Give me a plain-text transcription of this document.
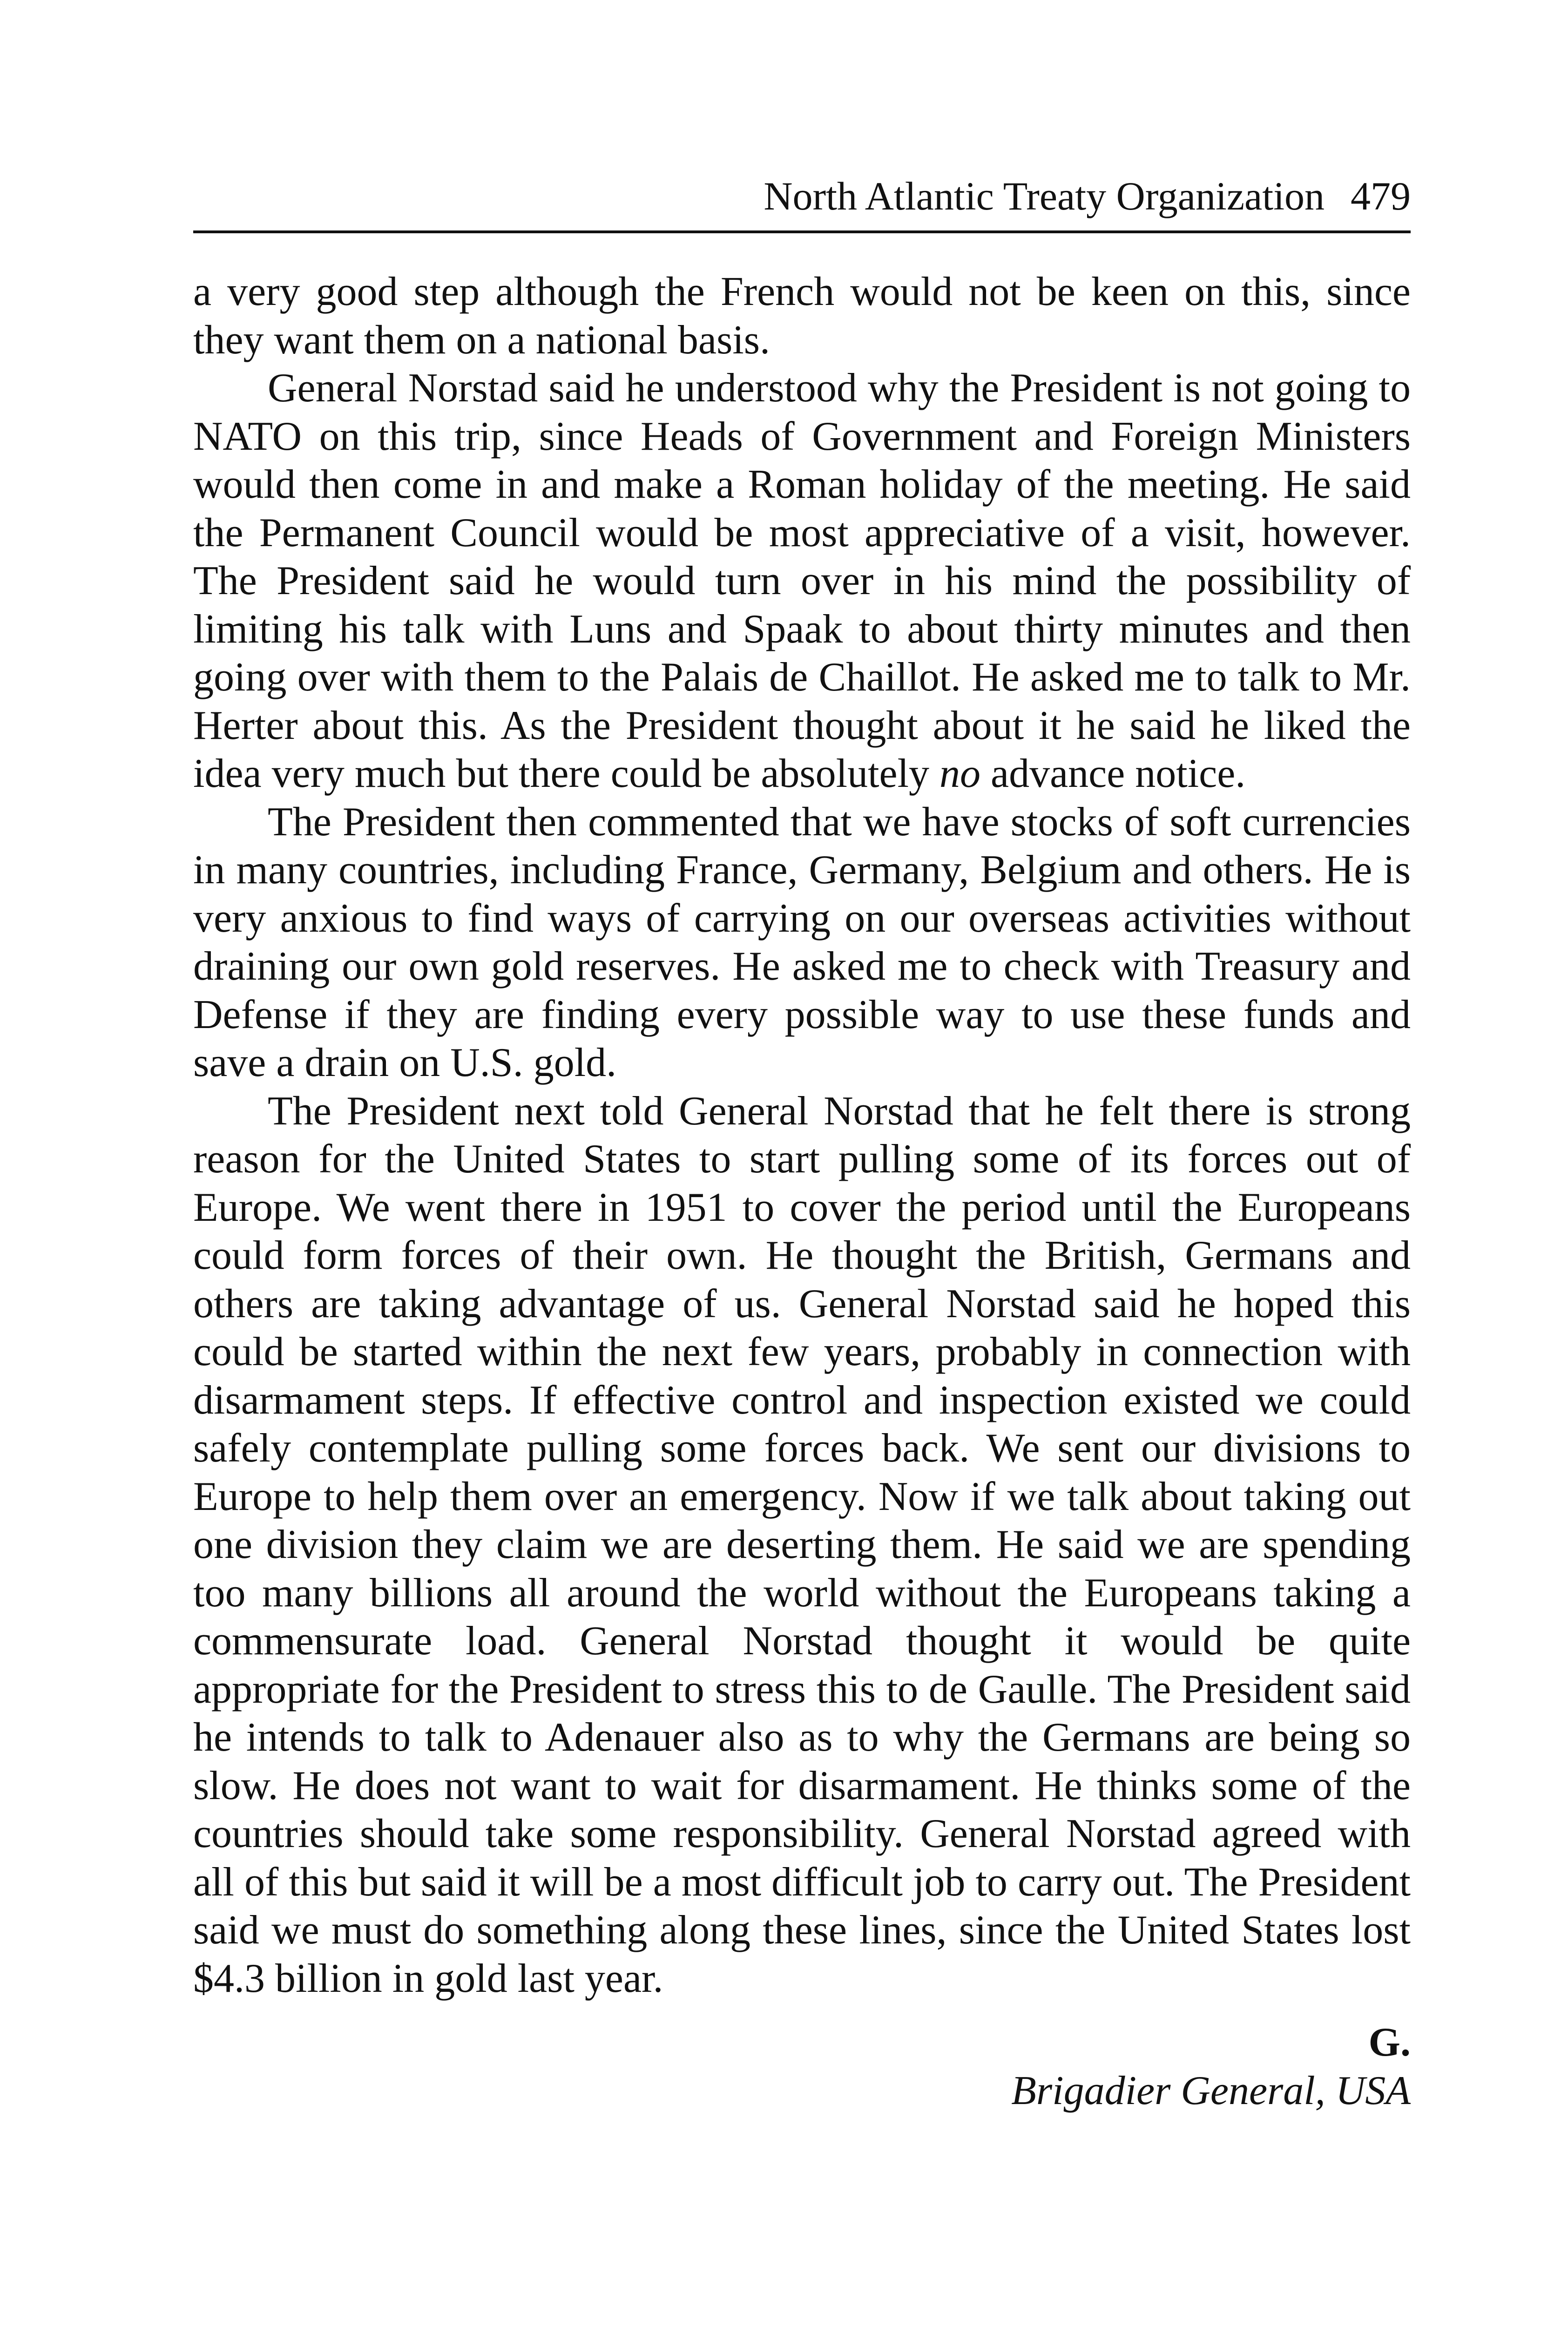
North Atlantic Treaty Organization 479

a very good step although the French would not be keen on this, since they want them on a national basis.

General Norstad said he understood why the President is not going to NATO on this trip, since Heads of Government and Foreign Ministers would then come in and make a Roman holiday of the meeting. He said the Permanent Council would be most appreciative of a visit, however. The President said he would turn over in his mind the possibility of limiting his talk with Luns and Spaak to about thirty minutes and then going over with them to the Palais de Chaillot. He asked me to talk to Mr. Herter about this. As the President thought about it he said he liked the idea very much but there could be absolutely no advance notice.

The President then commented that we have stocks of soft currencies in many countries, including France, Germany, Belgium and others. He is very anxious to find ways of carrying on our overseas activities without draining our own gold reserves. He asked me to check with Treasury and Defense if they are finding every possible way to use these funds and save a drain on U.S. gold.

The President next told General Norstad that he felt there is strong reason for the United States to start pulling some of its forces out of Europe. We went there in 1951 to cover the period until the Europeans could form forces of their own. He thought the British, Germans and others are taking advantage of us. General Norstad said he hoped this could be started within the next few years, probably in connection with disarmament steps. If effective control and inspection existed we could safely contemplate pulling some forces back. We sent our divisions to Europe to help them over an emergency. Now if we talk about taking out one division they claim we are deserting them. He said we are spending too many billions all around the world without the Europeans taking a commensurate load. General Norstad thought it would be quite appropriate for the President to stress this to de Gaulle. The President said he intends to talk to Adenauer also as to why the Germans are being so slow. He does not want to wait for disarmament. He thinks some of the countries should take some responsibility. General Norstad agreed with all of this but said it will be a most difficult job to carry out. The President said we must do something along these lines, since the United States lost $4.3 billion in gold last year.

G.
Brigadier General, USA
